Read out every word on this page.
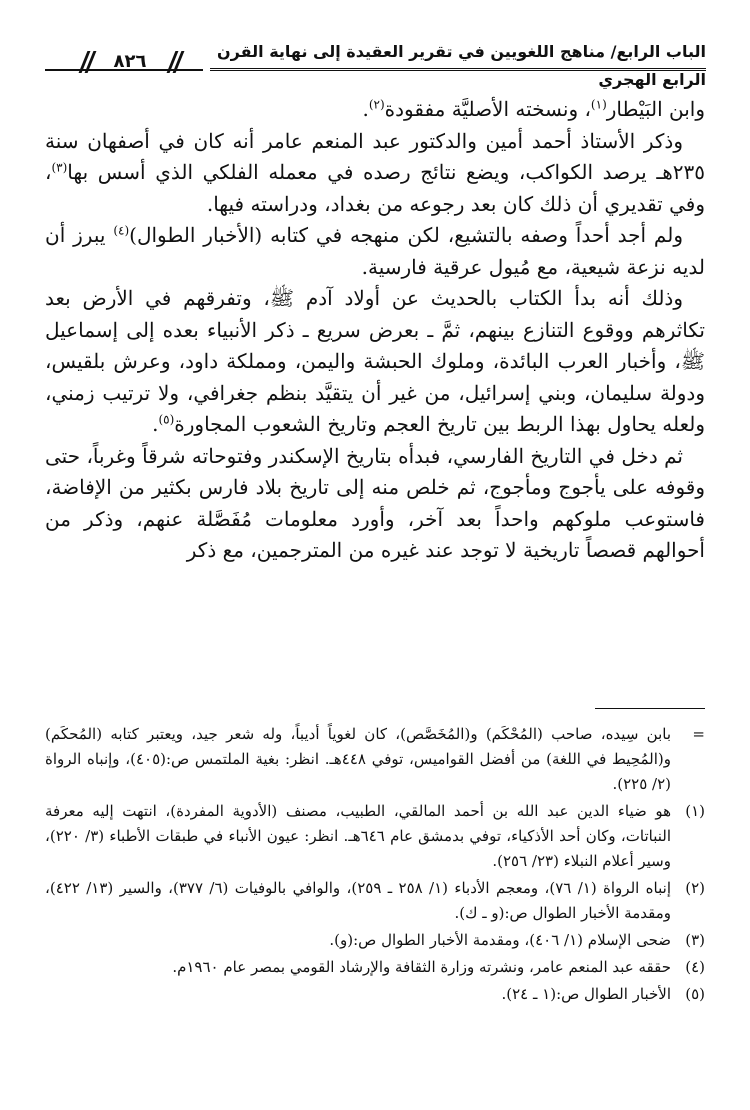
الباب الرابع/ مناهج اللغويين في تقرير العقيدة إلى نهاية القرن الرابع الهجري
٨٢٦

وابن البَيْطار$^{(١)}$، ونسخته الأصليَّة مفقودة$^{(٢)}$.

وذكر الأستاذ أحمد أمين والدكتور عبد المنعم عامر أنه كان في أصفهان سنة ٢٣٥هـ يرصد الكواكب، ويضع نتائج رصده في معمله الفلكي الذي أسس بها$^{(٣)}$، وفي تقديري أن ذلك كان بعد رجوعه من بغداد، ودراسته فيها.

ولم أجد أحداً وصفه بالتشيع، لكن منهجه في كتابه (الأخبار الطوال)$^{(٤)}$ يبرز أن لديه نزعة شيعية، مع مُيول عرقية فارسية.

وذلك أنه بدأ الكتاب بالحديث عن أولاد آدم ﷺ، وتفرقهم في الأرض بعد تكاثرهم ووقوع التنازع بينهم، ثمَّ ـ بعرض سريع ـ ذكر الأنبياء بعده إلى إسماعيل ﷺ، وأخبار العرب البائدة، وملوك الحبشة واليمن، ومملكة داود، وعرش بلقيس، ودولة سليمان، وبني إسرائيل، من غير أن يتقيَّد بنظم جغرافي، ولا ترتيب زمني، ولعله يحاول بهذا الربط بين تاريخ العجم وتاريخ الشعوب المجاورة$^{(٥)}$.

ثم دخل في التاريخ الفارسي، فبدأه بتاريخ الإسكندر وفتوحاته شرقاً وغرباً، حتى وقوفه على يأجوج ومأجوج، ثم خلص منه إلى تاريخ بلاد فارس بكثير من الإفاضة، فاستوعب ملوكهم واحداً بعد آخر، وأورد معلومات مُفَصَّلة عنهم، وذكر من أحوالهم قصصاً تاريخية لا توجد عند غيره من المترجمين، مع ذكر

=
بابن سِيده، صاحب (المُحْكَم) و(المُخَصَّص)، كان لغوياً أديباً، وله شعر جيد، ويعتبر كتابه (المُحكَم) و(المُحِيط في اللغة) من أفضل القواميس، توفي ٤٤٨هـ. انظر: بغية الملتمس ص:(٤٠٥)، وإنباه الرواة (٢/ ٢٢٥).
(١)
هو ضياء الدين عبد الله بن أحمد المالقي، الطبيب، مصنف (الأدوية المفردة)، انتهت إليه معرفة النباتات، وكان أحد الأذكياء، توفي بدمشق عام ٦٤٦هـ. انظر: عيون الأنباء في طبقات الأطباء (٣/ ٢٢٠)، وسير أعلام النبلاء (٢٣/ ٢٥٦).
(٢)
إنباه الرواة (١/ ٧٦)، ومعجم الأدباء (١/ ٢٥٨ ـ ٢٥٩)، والوافي بالوفيات (٦/ ٣٧٧)، والسير (١٣/ ٤٢٢)، ومقدمة الأخبار الطوال ص:(و ـ ك).
(٣)
ضحى الإسلام (١/ ٤٠٦)، ومقدمة الأخبار الطوال ص:(و).
(٤)
حققه عبد المنعم عامر، ونشرته وزارة الثقافة والإرشاد القومي بمصر عام ١٩٦٠م.
(٥)
الأخبار الطوال ص:(١ ـ ٢٤).
